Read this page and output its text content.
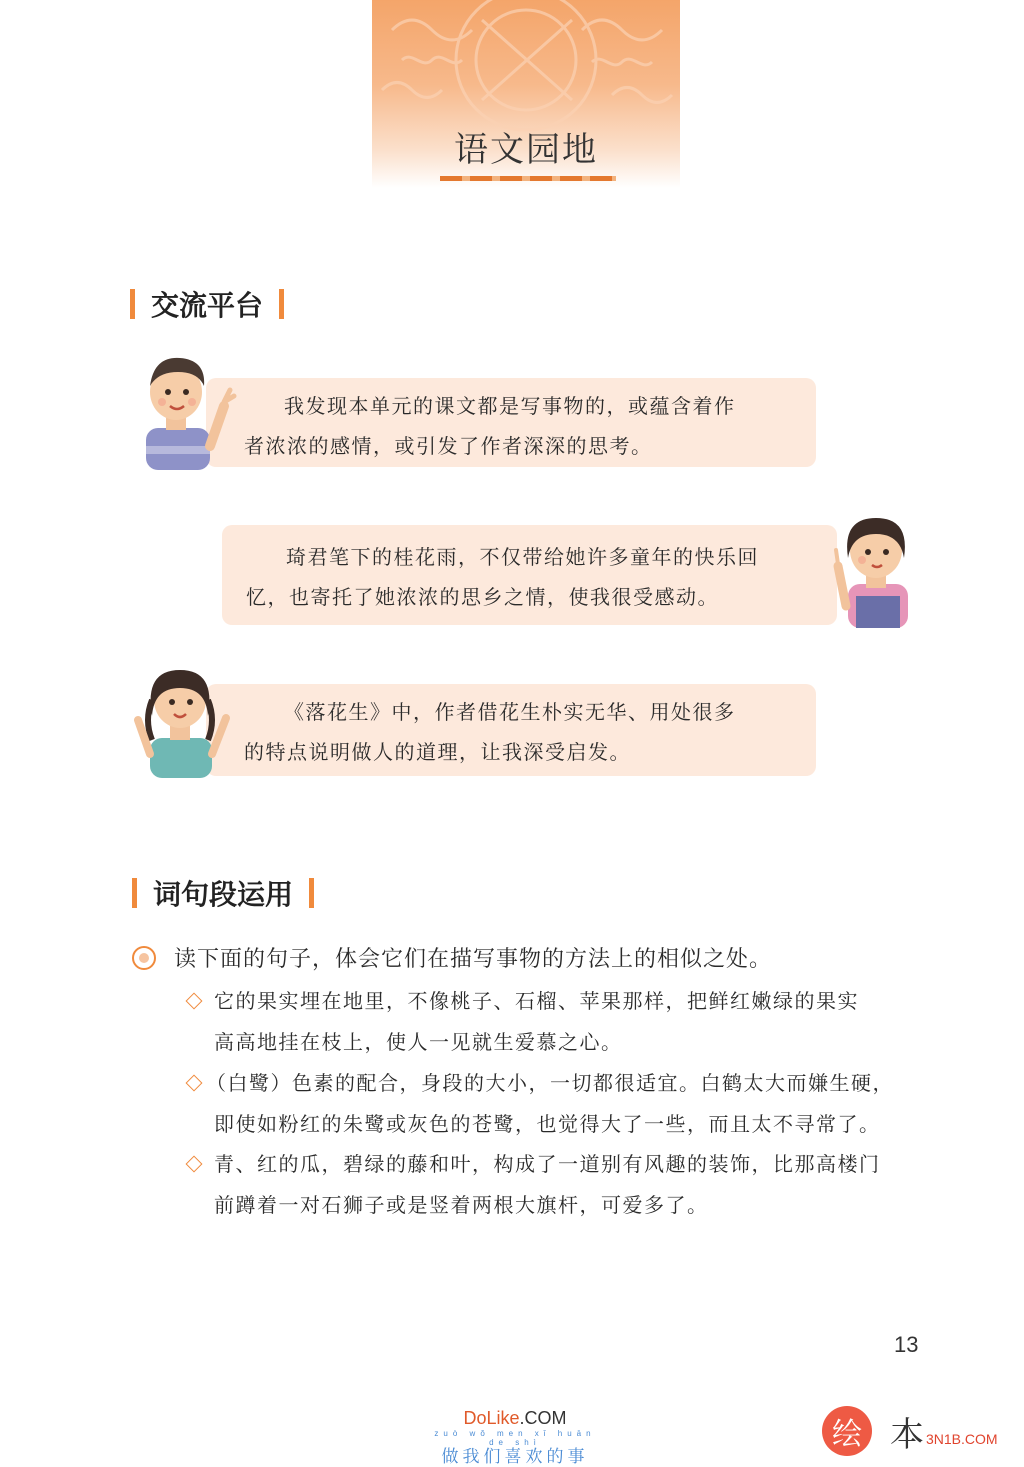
语文园地
交流平台

我发现本单元的课文都是写事物的，或蕴含着作

者浓浓的感情，或引发了作者深深的思考。

琦君笔下的桂花雨，不仅带给她许多童年的快乐回

忆，也寄托了她浓浓的思乡之情，使我很受感动。

《落花生》中，作者借花生朴实无华、用处很多

的特点说明做人的道理，让我深受启发。
词句段运用
读下面的句子，体会它们在描写事物的方法上的相似之处。
它的果实埋在地里，不像桃子、石榴、苹果那样，把鲜红嫩绿的果实
高高地挂在枝上，使人一见就生爱慕之心。
（白鹭）色素的配合，身段的大小，一切都很适宜。白鹤太大而嫌生硬，
即使如粉红的朱鹭或灰色的苍鹭，也觉得大了一些，而且太不寻常了。
青、红的瓜，碧绿的藤和叶，构成了一道别有风趣的装饰，比那高楼门
前蹲着一对石狮子或是竖着两根大旗杆，可爱多了。
13
DoLike.COM
zuò wǒ men xǐ huān de shì
做我们喜欢的事
绘 本 3N1B.COM
